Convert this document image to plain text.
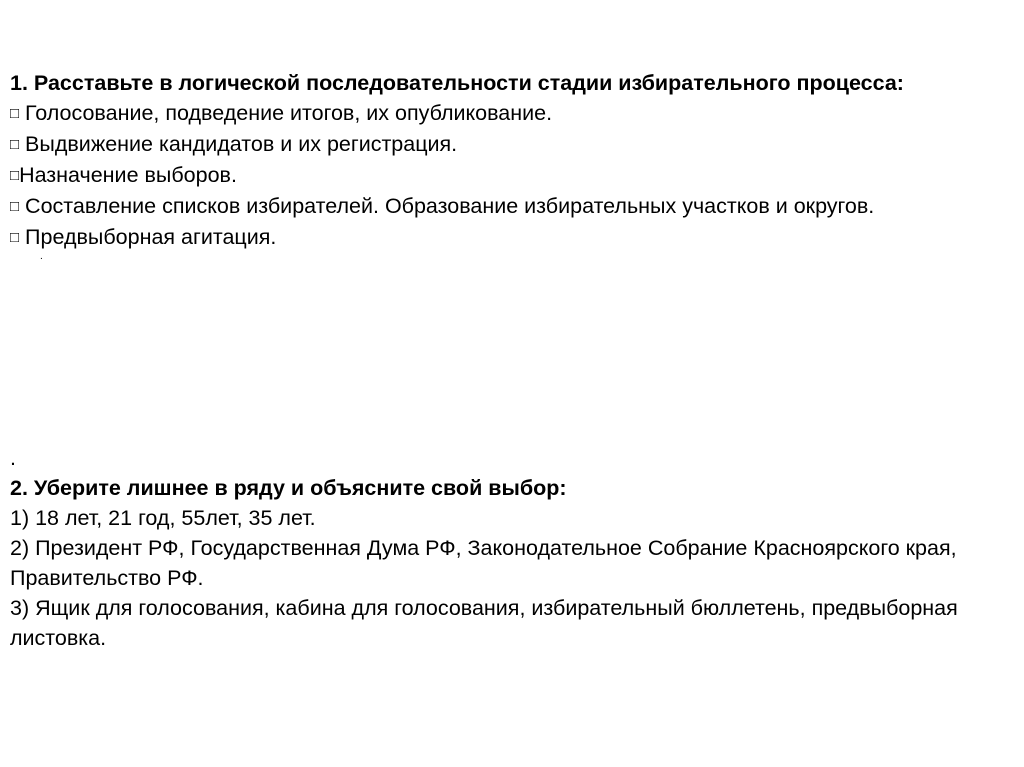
1. Расставьте в логической последовательности стадии избирательного процесса:
□ Голосование, подведение итогов, их опубликование.
□ Выдвижение кандидатов и их регистрация.
□Назначение выборов.
□ Составление списков избирателей. Образование избирательных участков и округов.
□ Предвыборная агитация.
.
.
2. Уберите лишнее в ряду и объясните свой выбор:
1) 18 лет, 21 год, 55лет, 35 лет.
2) Президент РФ, Государственная Дума РФ, Законодательное Собрание Красноярского края, Правительство РФ.
3) Ящик для голосования, кабина для голосования, избирательный бюллетень, предвыборная листовка.
